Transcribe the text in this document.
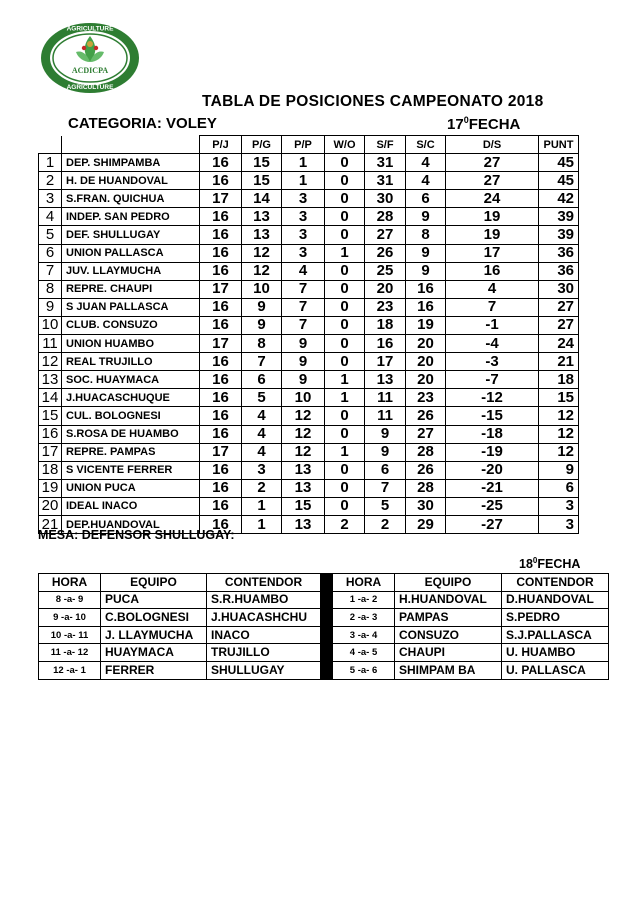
AGRICULTURE
ACDICPA
AGRICULTURE
TABLA DE POSICIONES CAMPEONATO 2018
CATEGORIA: VOLEY	$17^0FECHA$
		P/J	P/G	P/P	W/O	S/F	S/C	D/S	PUNT
1	DEP. SHIMPAMBA	16	15	1	0	31	4	27	45
2	H. DE HUANDOVAL	16	15	1	0	31	4	27	45
3	S.FRAN. QUICHUA	17	14	3	0	30	6	24	42
4	INDEP. SAN PEDRO	16	13	3	0	28	9	19	39
5	DEF. SHULLUGAY	16	13	3	0	27	8	19	39
6	UNION PALLASCA	16	12	3	1	26	9	17	36
7	JUV. LLAYMUCHA	16	12	4	0	25	9	16	36
8	REPRE. CHAUPI	17	10	7	0	20	16	4	30
9	S JUAN PALLASCA	16	9	7	0	23	16	7	27
10	CLUB. CONSUZO	16	9	7	0	18	19	-1	27
11	UNION HUAMBO	17	8	9	0	16	20	-4	24
12	REAL TRUJILLO	16	7	9	0	17	20	-3	21
13	SOC. HUAYMACA	16	6	9	1	13	20	-7	18
14	J.HUACASCHUQUE	16	5	10	1	11	23	-12	15
15	CUL. BOLOGNESI	16	4	12	0	11	26	-15	12
16	S.ROSA DE HUAMBO	16	4	12	0	9	27	-18	12
17	REPRE. PAMPAS	17	4	12	1	9	28	-19	12
18	S VICENTE FERRER	16	3	13	0	6	26	-20	9
19	UNION PUCA	16	2	13	0	7	28	-21	6
20	IDEAL INACO	16	1	15	0	5	30	-25	3
21	DEP.HUANDOVAL	16	1	13	2	2	29	-27	3
MESA: DEFENSOR SHULLUGAY:
$18^0FECHA$
HORA	EQUIPO	CONTENDOR		HORA	EQUIPO	CONTENDOR
8 -a- 9	PUCA	S.R.HUAMBO		1 -a- 2	H.HUANDOVAL	D.HUANDOVAL
9 -a- 10	C.BOLOGNESI	J.HUACASHCHU		2 -a- 3	PAMPAS	S.PEDRO
10 -a- 11	J. LLAYMUCHA	INACO		3 -a- 4	CONSUZO	S.J.PALLASCA
11 -a- 12	HUAYMACA	TRUJILLO		4 -a- 5	CHAUPI	U. HUAMBO
12 -a- 1	FERRER	SHULLUGAY		5 -a- 6	SHIMPAM BA	U. PALLASCA
